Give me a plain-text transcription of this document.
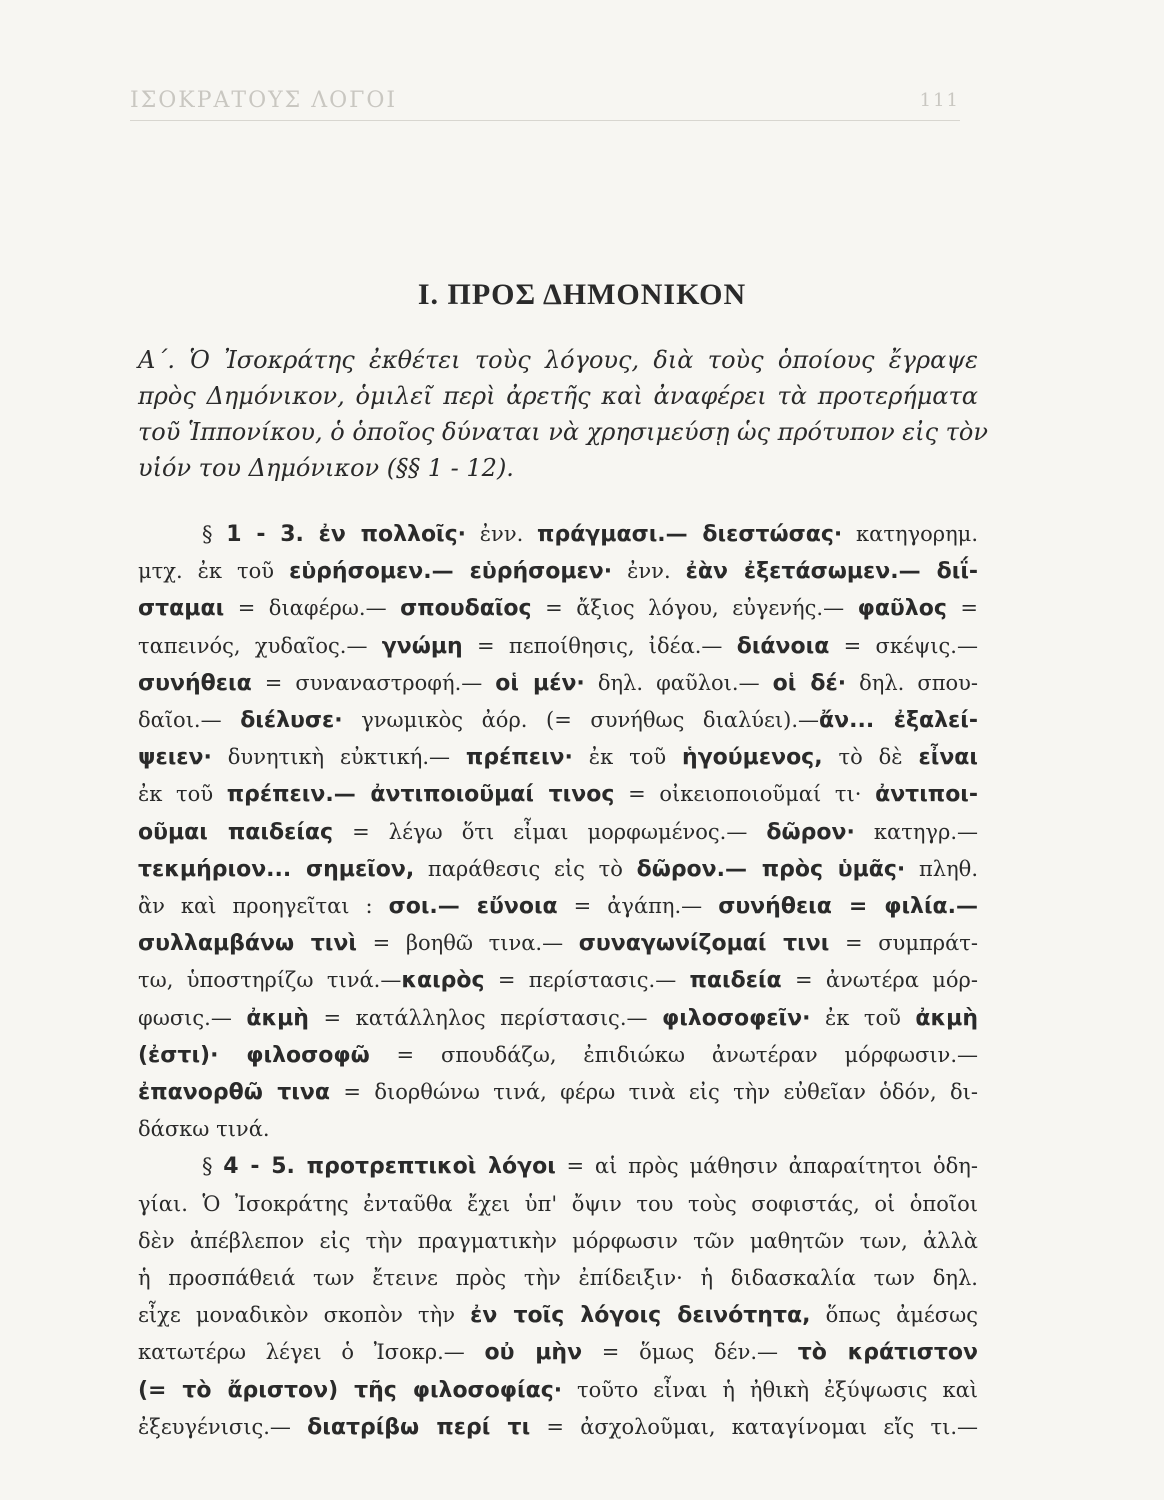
ΙΣΟΚΡΑΤΟΥΣ ΛΟΓΟΙ	111
Ι. ΠΡΟΣ ΔΗΜΟΝΙΚΟΝ
Α΄. Ὁ Ἰσοκράτης ἐκθέτει τοὺς λόγους, διὰ τοὺς ὁποίους ἔγραψε
πρὸς Δημόνικον, ὁμιλεῖ περὶ ἀρετῆς καὶ ἀναφέρει τὰ προτερήματα
τοῦ Ἱππονίκου, ὁ ὁποῖος δύναται νὰ χρησιμεύσῃ ὡς πρότυπον εἰς τὸν
υἱόν του Δημόνικον (§§ 1 - 12).
§ 1 - 3. ἐν πολλοῖς· ἐνν. πράγμασι.— διεστώσας· κατηγορημ.
μτχ. ἐκ τοῦ εὑρήσομεν.— εὑρήσομεν· ἐνν. ἐὰν ἐξετάσωμεν.— διΐ-
σταμαι = διαφέρω.— σπουδαῖος = ἄξιος λόγου, εὐγενής.— φαῦλος =
ταπεινός, χυδαῖος.— γνώμη = πεποίθησις, ἰδέα.— διάνοια = σκέψις.—
συνήθεια = συναναστροφή.— οἱ μέν· δηλ. φαῦλοι.— οἱ δέ· δηλ. σπου-
δαῖοι.— διέλυσε· γνωμικὸς ἀόρ. (= συνήθως διαλύει).—ἄν... ἐξαλεί-
ψειεν· δυνητικὴ εὐκτική.— πρέπειν· ἐκ τοῦ ἡγούμενος, τὸ δὲ εἶναι
ἐκ τοῦ πρέπειν.— ἀντιποιοῦμαί τινος = οἰκειοποιοῦμαί τι· ἀντιποι-
οῦμαι παιδείας = λέγω ὅτι εἶμαι μορφωμένος.— δῶρον· κατηγρ.—
τεκμήριον... σημεῖον, παράθεσις εἰς τὸ δῶρον.— πρὸς ὑμᾶς· πληθ.
ἂν καὶ προηγεῖται : σοι.— εὔνοια = ἀγάπη.— συνήθεια = φιλία.—
συλλαμβάνω τινὶ = βοηθῶ τινα.— συναγωνίζομαί τινι = συμπράτ-
τω, ὑποστηρίζω τινά.—καιρὸς = περίστασις.— παιδεία = ἀνωτέρα μόρ-
φωσις.— ἀκμὴ = κατάλληλος περίστασις.— φιλοσοφεῖν· ἐκ τοῦ ἀκμὴ
(ἐστι)· φιλοσοφῶ = σπουδάζω, ἐπιδιώκω ἀνωτέραν μόρφωσιν.—
ἐπανορθῶ τινα = διορθώνω τινά, φέρω τινὰ εἰς τὴν εὐθεῖαν ὁδόν, δι-
δάσκω τινά.
§ 4 - 5. προτρεπτικοὶ λόγοι = αἱ πρὸς μάθησιν ἀπαραίτητοι ὁδη-
γίαι. Ὁ Ἰσοκράτης ἐνταῦθα ἔχει ὑπ' ὄψιν του τοὺς σοφιστάς, οἱ ὁποῖοι
δὲν ἀπέβλεπον εἰς τὴν πραγματικὴν μόρφωσιν τῶν μαθητῶν των, ἀλλὰ
ἡ προσπάθειά των ἔτεινε πρὸς τὴν ἐπίδειξιν· ἡ διδασκαλία των δηλ.
εἶχε μοναδικὸν σκοπὸν τὴν ἐν τοῖς λόγοις δεινότητα, ὅπως ἀμέσως
κατωτέρω λέγει ὁ Ἰσοκρ.— οὐ μὴν = ὅμως δέν.— τὸ κράτιστον
(= τὸ ἄριστον) τῆς φιλοσοφίας· τοῦτο εἶναι ἡ ἠθικὴ ἐξύψωσις καὶ
ἐξευγένισις.— διατρίβω περί τι = ἀσχολοῦμαι, καταγίνομαι εἴς τι.—
